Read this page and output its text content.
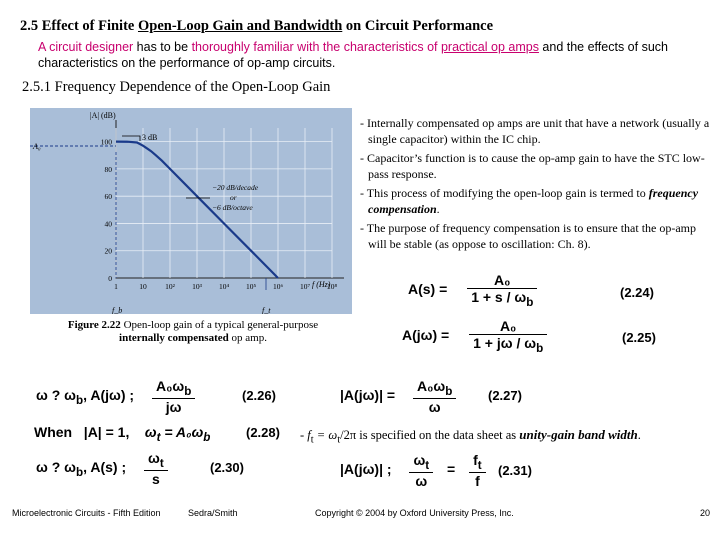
2.5 Effect of Finite Open-Loop Gain and Bandwidth on Circuit Performance
A circuit designer has to be thoroughly familiar with the characteristics of practical op amps and the effects of such characteristics on the performance of op-amp circuits.
2.5.1 Frequency Dependence of the Open-Loop Gain
0
20
40
60
80
100
1	10 10² 10³ 10⁴ 10⁵ 10⁶ 10⁷ 10⁸
|A| (dB)
f (Hz)
A₀
3 dB
−20 dB/decade
or
−6 dB/octave
f_b	f_t
Figure 2.22 Open-loop gain of a typical general-purpose internally compensated op amp.

- Internally compensated op amps are unit that have a network (usually a single capacitor) within the IC chip.

- Capacitor’s function is to cause the op-amp gain to have the STC low-pass response.

- This process of modifying the open-loop gain is termed to frequency compensation.

- The purpose of frequency compensation is to ensure that the op-amp will be stable (as oppose to oscillation: Ch. 8).

$A(s) = \frac{\text{A₀}}{1 + s / \omega_b}$	(2.24)
$A(j\omega) = \frac{\text{A₀}}{1 + j\omega / \omega_b}$	(2.25)
ω ? $\omega_b$, A(jω) ; $\frac{A_0\omega_b}{j\omega}$	(2.26)	$|A(j\omega)| = \frac{A_0\omega_b}{\omega} (2.27)$
When |A| = 1, $\omega_t = A_0\omega_b$	$(2.28) - f_t = \omega_t/2\pi$ is specified on the data sheet as unity-gain band width.
ω ? $\omega_b$, A(s) ; $\frac{\omega_t}{s}$	(2.30)	|A(jω)| ; $\frac{\omega_t}{\omega} = \frac{f_t}{f} (2.31)$
Microelectronic Circuits - Fifth Edition	Sedra/Smith	Copyright © 2004 by Oxford University Press, Inc.	20
